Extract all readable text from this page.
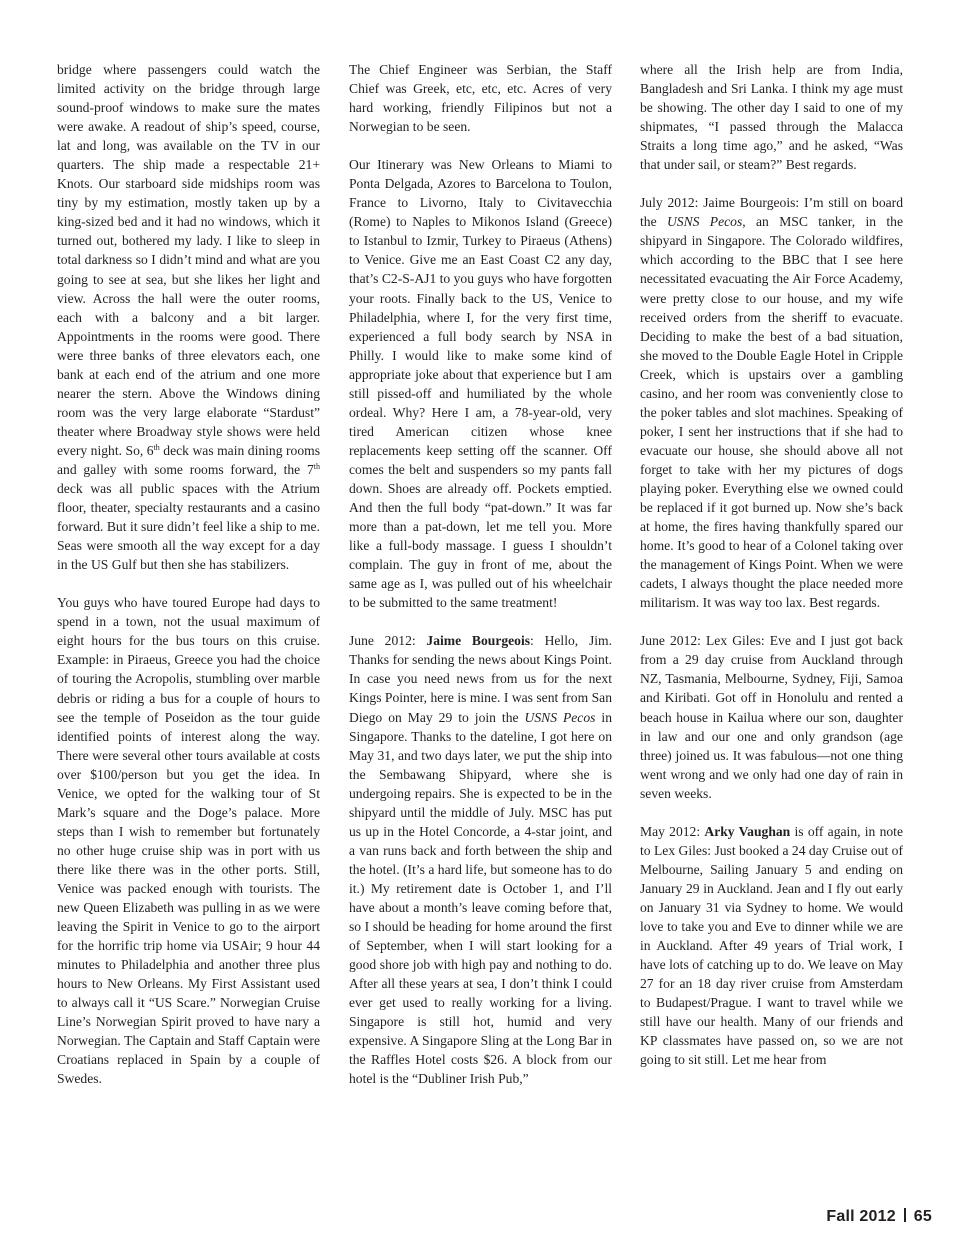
bridge where passengers could watch the limited activity on the bridge through large sound-proof windows to make sure the mates were awake. A readout of ship’s speed, course, lat and long, was available on the TV in our quarters. The ship made a respectable 21+ Knots. Our starboard side midships room was tiny by my estimation, mostly taken up by a king-sized bed and it had no windows, which it turned out, bothered my lady. I like to sleep in total darkness so I didn’t mind and what are you going to see at sea, but she likes her light and view. Across the hall were the outer rooms, each with a balcony and a bit larger. Appointments in the rooms were good. There were three banks of three elevators each, one bank at each end of the atrium and one more nearer the stern. Above the Windows dining room was the very large elaborate “Stardust” theater where Broadway style shows were held every night. So, 6th deck was main dining rooms and galley with some rooms forward, the 7th deck was all public spaces with the Atrium floor, theater, specialty restaurants and a casino forward. But it sure didn’t feel like a ship to me. Seas were smooth all the way except for a day in the US Gulf but then she has stabilizers.

You guys who have toured Europe had days to spend in a town, not the usual maximum of eight hours for the bus tours on this cruise. Example: in Piraeus, Greece you had the choice of touring the Acropolis, stumbling over marble debris or riding a bus for a couple of hours to see the temple of Poseidon as the tour guide identified points of interest along the way. There were several other tours available at costs over $100/person but you get the idea. In Venice, we opted for the walking tour of St Mark’s square and the Doge’s palace. More steps than I wish to remember but fortunately no other huge cruise ship was in port with us there like there was in the other ports. Still, Venice was packed enough with tourists. The new Queen Elizabeth was pulling in as we were leaving the Spirit in Venice to go to the airport for the horrific trip home via USAir; 9 hour 44 minutes to Philadelphia and another three plus hours to New Orleans. My First Assistant used to always call it “US Scare.” Norwegian Cruise Line’s Norwegian Spirit proved to have nary a Norwegian. The Captain and Staff Captain were Croatians replaced in Spain by a couple of Swedes.

The Chief Engineer was Serbian, the Staff Chief was Greek, etc, etc, etc. Acres of very hard working, friendly Filipinos but not a Norwegian to be seen.

Our Itinerary was New Orleans to Miami to Ponta Delgada, Azores to Barcelona to Toulon, France to Livorno, Italy to Civitavecchia (Rome) to Naples to Mikonos Island (Greece) to Istanbul to Izmir, Turkey to Piraeus (Athens) to Venice. Give me an East Coast C2 any day, that’s C2-S-AJ1 to you guys who have forgotten your roots. Finally back to the US, Venice to Philadelphia, where I, for the very first time, experienced a full body search by NSA in Philly. I would like to make some kind of appropriate joke about that experience but I am still pissed-off and humiliated by the whole ordeal. Why? Here I am, a 78-year-old, very tired American citizen whose knee replacements keep setting off the scanner. Off comes the belt and suspenders so my pants fall down. Shoes are already off. Pockets emptied. And then the full body “pat-down.” It was far more than a pat-down, let me tell you. More like a full-body massage. I guess I shouldn’t complain. The guy in front of me, about the same age as I, was pulled out of his wheelchair to be submitted to the same treatment!

June 2012: Jaime Bourgeois: Hello, Jim. Thanks for sending the news about Kings Point. In case you need news from us for the next Kings Pointer, here is mine. I was sent from San Diego on May 29 to join the USNS Pecos in Singapore. Thanks to the dateline, I got here on May 31, and two days later, we put the ship into the Sembawang Shipyard, where she is undergoing repairs. She is expected to be in the shipyard until the middle of July. MSC has put us up in the Hotel Concorde, a 4-star joint, and a van runs back and forth between the ship and the hotel. (It’s a hard life, but someone has to do it.) My retirement date is October 1, and I’ll have about a month’s leave coming before that, so I should be heading for home around the first of September, when I will start looking for a good shore job with high pay and nothing to do. After all these years at sea, I don’t think I could ever get used to really working for a living. Singapore is still hot, humid and very expensive. A Singapore Sling at the Long Bar in the Raffles Hotel costs $26. A block from our hotel is the “Dubliner Irish Pub,”

where all the Irish help are from India, Bangladesh and Sri Lanka. I think my age must be showing. The other day I said to one of my shipmates, “I passed through the Malacca Straits a long time ago,” and he asked, “Was that under sail, or steam?” Best regards.

July 2012: Jaime Bourgeois: I’m still on board the USNS Pecos, an MSC tanker, in the shipyard in Singapore. The Colorado wildfires, which according to the BBC that I see here necessitated evacuating the Air Force Academy, were pretty close to our house, and my wife received orders from the sheriff to evacuate. Deciding to make the best of a bad situation, she moved to the Double Eagle Hotel in Cripple Creek, which is upstairs over a gambling casino, and her room was conveniently close to the poker tables and slot machines. Speaking of poker, I sent her instructions that if she had to evacuate our house, she should above all not forget to take with her my pictures of dogs playing poker. Everything else we owned could be replaced if it got burned up. Now she’s back at home, the fires having thankfully spared our home. It’s good to hear of a Colonel taking over the management of Kings Point. When we were cadets, I always thought the place needed more militarism. It was way too lax. Best regards.

June 2012: Lex Giles: Eve and I just got back from a 29 day cruise from Auckland through NZ, Tasmania, Melbourne, Sydney, Fiji, Samoa and Kiribati. Got off in Honolulu and rented a beach house in Kailua where our son, daughter in law and our one and only grandson (age three) joined us. It was fabulous—not one thing went wrong and we only had one day of rain in seven weeks.

May 2012: Arky Vaughan is off again, in note to Lex Giles: Just booked a 24 day Cruise out of Melbourne, Sailing January 5 and ending on January 29 in Auckland. Jean and I fly out early on January 31 via Sydney to home. We would love to take you and Eve to dinner while we are in Auckland. After 49 years of Trial work, I have lots of catching up to do. We leave on May 27 for an 18 day river cruise from Amsterdam to Budapest/Prague. I want to travel while we still have our health. Many of our friends and KP classmates have passed on, so we are not going to sit still. Let me hear from

Fall 2012 65
